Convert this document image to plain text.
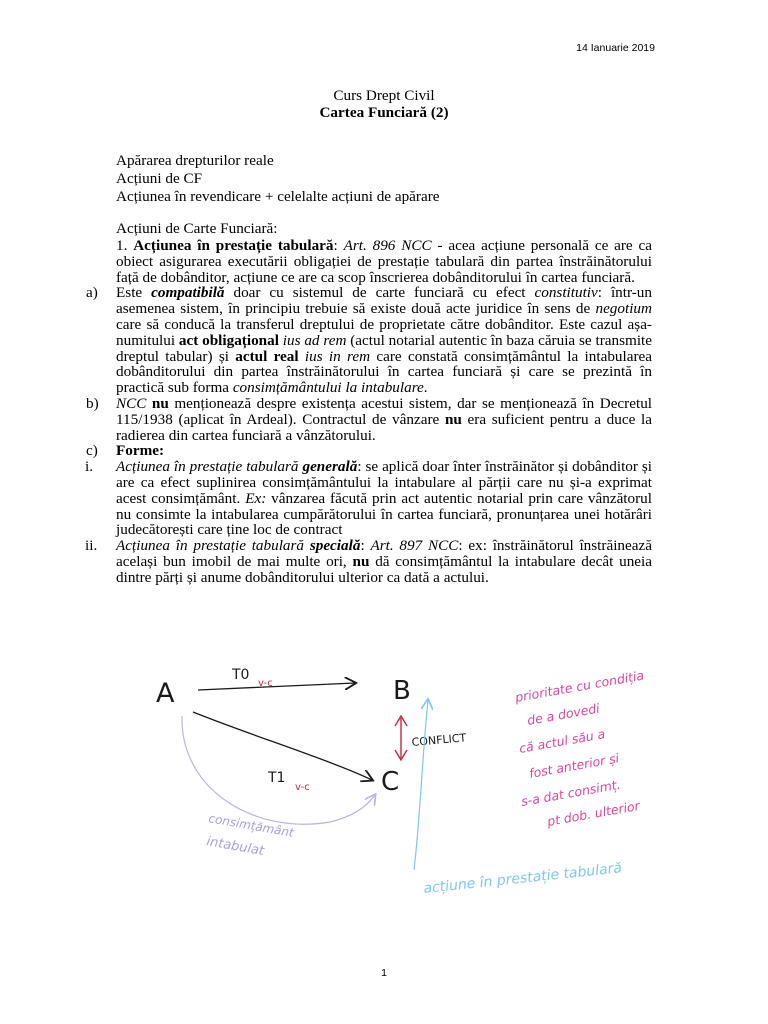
14 Ianuarie 2019
Curs Drept Civil
Cartea Funciară (2)
Apărarea drepturilor reale
Acțiuni de CF
Acțiunea în revendicare + celelalte acțiuni de apărare
Acțiuni de Carte Funciară:

1. Acțiunea în prestație tabulară: Art. 896 NCC - acea acțiune personală ce are ca obiect asigurarea executării obligației de prestație tabulară din partea înstrăinătorului față de dobânditor, acțiune ce are ca scop înscrierea dobânditorului în cartea funciară.

a) Este compatibilă doar cu sistemul de carte funciară cu efect constitutiv: într-un asemenea sistem, în principiu trebuie să existe două acte juridice în sens de negotium care să conducă la transferul dreptului de proprietate către dobânditor. Este cazul așa-numitului act obligațional ius ad rem (actul notarial autentic în baza căruia se transmite dreptul tabular) și actul real ius in rem care constată consimțământul la intabularea dobânditorului din partea înstrăinătorului în cartea funciară și care se prezintă în practică sub forma consimțământului la intabulare.

b) NCC nu menționează despre existența acestui sistem, dar se menționează în Decretul 115/1938 (aplicat în Ardeal). Contractul de vânzare nu era suficient pentru a duce la radierea din cartea funciară a vânzătorului.

c) Forme:

i. Acțiunea în prestație tabulară generală: se aplică doar înter înstrăinător și dobânditor și are ca efect suplinirea consimțământului la intabulare al părții care nu și-a exprimat acest consimțământ. Ex: vânzarea făcută prin act autentic notarial prin care vânzătorul nu consimte la intabularea cumpărătorului în cartea funciară, pronunțarea unei hotărâri judecătorești care ține loc de contract

ii. Acțiunea în prestație tabulară specială: Art. 897 NCC: ex: înstrăinătorul înstrăinează același bun imobil de mai multe ori, nu dă consimțământul la intabulare decât uneia dintre părți și anume dobânditorului ulterior ca dată a actului.

A	B
C
T0
v-c
T1
v-c
CONFLICT
consimțământ
intabulat
acțiune în prestație tabulară
prioritate cu condiția
de a dovedi
că actul său a
fost anterior și
s-a dat consimț.
pt dob. ulterior
1
